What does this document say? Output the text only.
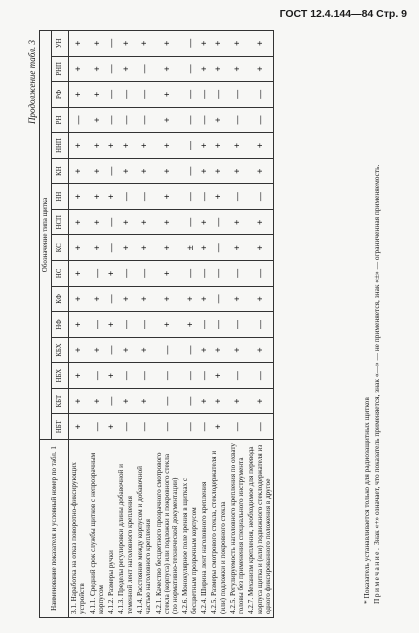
ГОСТ 12.4.144—84 Стр. 9
Продолжение табл. 3
Наименование показателя и условный номер по табл. 1	Обозначение типа щитка															
	НБТ	КБТ	НБХ	КБХ	НФ	КФ	НС	КС	НСП	НН	КН	ННП	РН	РФ	РНП	УН
3.1. Наработка на отказ поворотно-фиксирующих устройств	+	+	+	+	+	+	+	+	+	+	+	+	—	+	+	+
4.1.1. Средний срок службы щитков с непрозрачным корпусом	—	+	—	+	—	+	—	+	+	+	+	+	+	+	+	+
4.1.2. Размеры ручки	+	—	+	—	+	—	+	—	—	+	—	+	—	—	—	—
4.1.3. Пределы регулировки длины добавочной и теменной лент наголовного крепления	—	+	—	+	—	+	—	+	+	—	+	+	—	—	+	+
4.1.4. Расстояние между корпусом и добавочной частью наголовного крепления	—	+	—	+	—	+	—	+	+	—	+	+	—	—	—	+
4.2.1. Качество бесцветного прозрачного смотрового стекла (корпуса) или подложки и покровного стекла (по нормативно-технической документации)	—	—	—	—	+	+	+	+	+	+	+	+	+	+	+	+
4.2.6. Монокулярное поле зрения в щитках с бесцветным прозрачным корпусом	—	—	—	—	+	+	—	±	—	—	—	—	—	—	—	—
4.2.4. Ширина лент наголовного крепления	—	+	—	+	—	+	—	+	+	—	+	+	—	—	+	+
4.2.5. Размеры смотрового стекла, стеклодержателя и (или) подложки и покровного стекла	+	+	+	+	—	—	—	—	—	+	+	+	+	—	+	+
4.2.5. Регулируемость наголовного крепления по охвату головы без применения специального инструмента	—	+	—	+	—	+	—	+	+	—	+	+	—	—	+	+
4.2.7. Механизм крепления, необходимое для перевода корпуса щитка и (или) подвижного стеклодержателя из одного фиксированного положения в другое	—	+	—	+	—	+	—	+	+	—	+	+	—	—	+	+

* Показатель устанавливается только для радиозащитных щитков Примечание. Знак «+» означает, что показатель применяется, знак «—» — не применяется, знак «±» — ограниченная применяемость.
